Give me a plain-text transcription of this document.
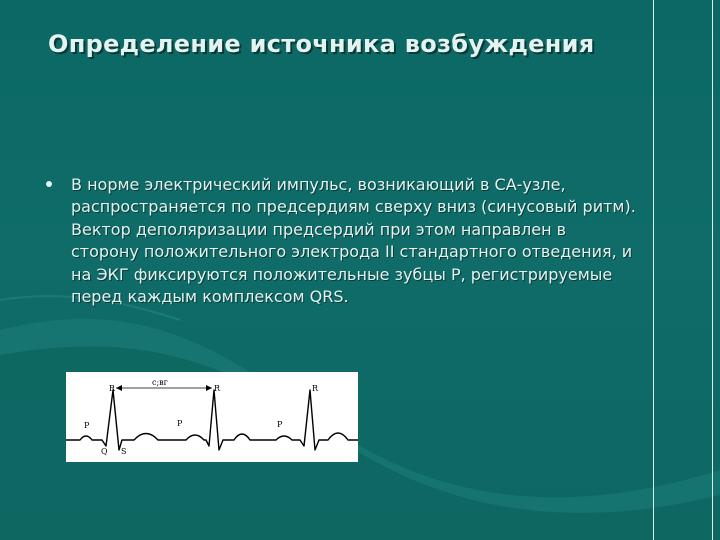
Определение источника возбуждения

В норме электрический импульс, возникающий в СА-узле, распространяется по предсердиям сверху вниз (синусовый ритм). Вектор деполяризации предсердий при этом направлен в сторону положительного электрода II стандартного отведения, и на ЭКГ фиксируются положительные зубцы P, регистрируемые перед каждым комплексом QRS.

с;вг
R	R	R
P	P	P
Q S
